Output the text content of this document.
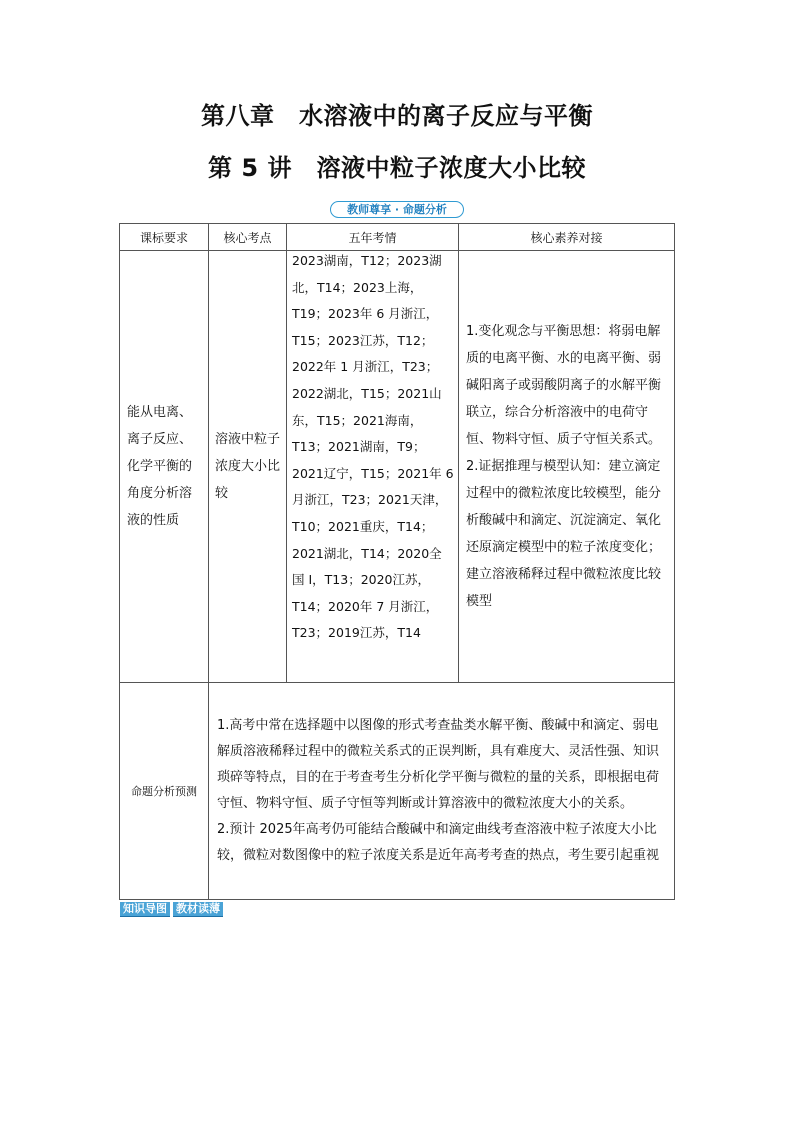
第八章　水溶液中的离子反应与平衡
第 5 讲　溶液中粒子浓度大小比较
教师尊享 · 命题分析
课标要求	核心考点	五年考情	核心素养对接

能从电离、离子反应、化学平衡的角度分析溶液的性质	溶液中粒子浓度大小比较	2023湖南，T12；2023湖北，T14；2023上海，T19；2023年 6 月浙江，T15；2023江苏，T12；2022年 1 月浙江，T23；2022湖北，T15；2021山东，T15；2021海南，T13；2021湖南，T9；2021辽宁，T15；2021年 6 月浙江，T23；2021天津，T10；2021重庆，T14；2021湖北，T14；2020全国 I，T13；2020江苏，T14；2020年 7 月浙江，T23；2019江苏，T14	1.变化观念与平衡思想：将弱电解质的电离平衡、水的电离平衡、弱碱阳离子或弱酸阴离子的水解平衡联立，综合分析溶液中的电荷守恒、物料守恒、质子守恒关系式。

2.证据推理与模型认知：建立滴定过程中的微粒浓度比较模型，能分析酸碱中和滴定、沉淀滴定、氧化还原滴定模型中的粒子浓度变化；建立溶液稀释过程中微粒浓度比较模型

命题分析预测	1.高考中常在选择题中以图像的形式考查盐类水解平衡、酸碱中和滴定、弱电解质溶液稀释过程中的微粒关系式的正误判断，具有难度大、灵活性强、知识琐碎等特点，目的在于考查考生分析化学平衡与微粒的量的关系，即根据电荷守恒、物料守恒、质子守恒等判断或计算溶液中的微粒浓度大小的关系。

2.预计 2025年高考仍可能结合酸碱中和滴定曲线考查溶液中粒子浓度大小比较，微粒对数图像中的粒子浓度关系是近年高考考查的热点，考生要引起重视		

知识导图 教材读薄
